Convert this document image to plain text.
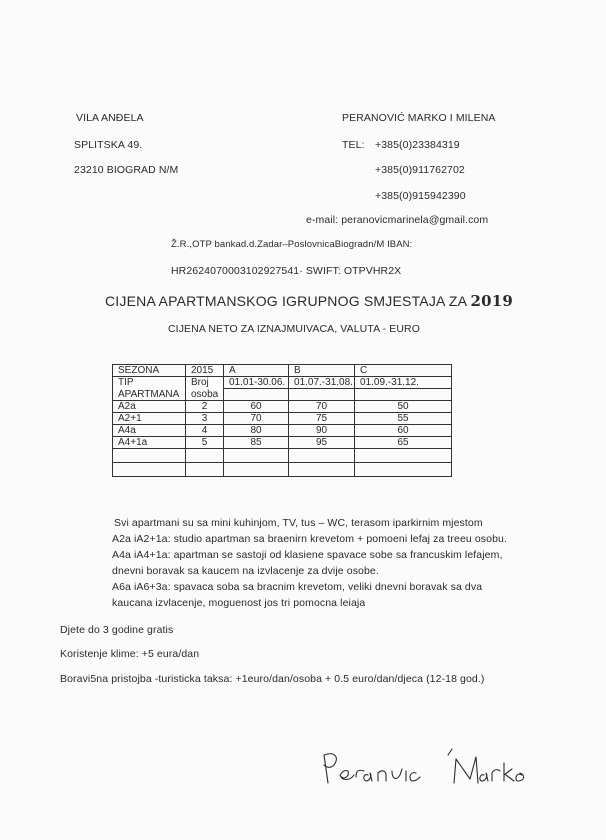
VILA ANĐELA
SPLITSKA 49.
23210 BIOGRAD N/M
PERANOVIĆ MARKO I MILENA
TEL: +385(0)23384319
+385(0)911762702
+385(0)915942390
e-mail: peranovicmarinela@gmail.com
Ž.R.,OTP bankad.d.Zadar–PoslovnicaBiogradn/M IBAN:
HR2624070003102927541· SWIFT: OTPVHR2X
CIJENA APARTMANSKOG IGRUPNOG SMJESTAJA ZA 2019
CIJENA NETO ZA IZNAJMUIVACA, VALUTA - EURO
SEZONA	2015	A	B	C
TIP	Broj	01.01-30.06.	01.07.-31.08.	01.09.-31.12.
APARTMANA	osoba			
A2a	2	60	70	50
A2+1	3	70	75	55
A4a	4	80	90	60
A4+1a	5	85	95	65

Svi apartmani su sa mini kuhinjom, TV, tus – WC, terasom iparkirnim mjestom
A2a iA2+1a: studio apartman sa braenirn krevetom + pomoeni lefaj za treeu osobu.
A4a iA4+1a: apartman se sastoji od klasiene spavace sobe sa francuskim lefajem,
dnevni boravak sa kaucem na izvlacenje za dvije osobe.
A6a iA6+3a: spavaca soba sa bracnim krevetom, veliki dnevni boravak sa dva
kaucana izvlacenje, moguenost jos tri pomocna leiaja
Djete do 3 godine gratis
Koristenje klime: +5 eura/dan
Boravi5na pristojba -turisticka taksa: +1euro/dan/osoba + 0.5 euro/dan/djeca (12-18 god.)
